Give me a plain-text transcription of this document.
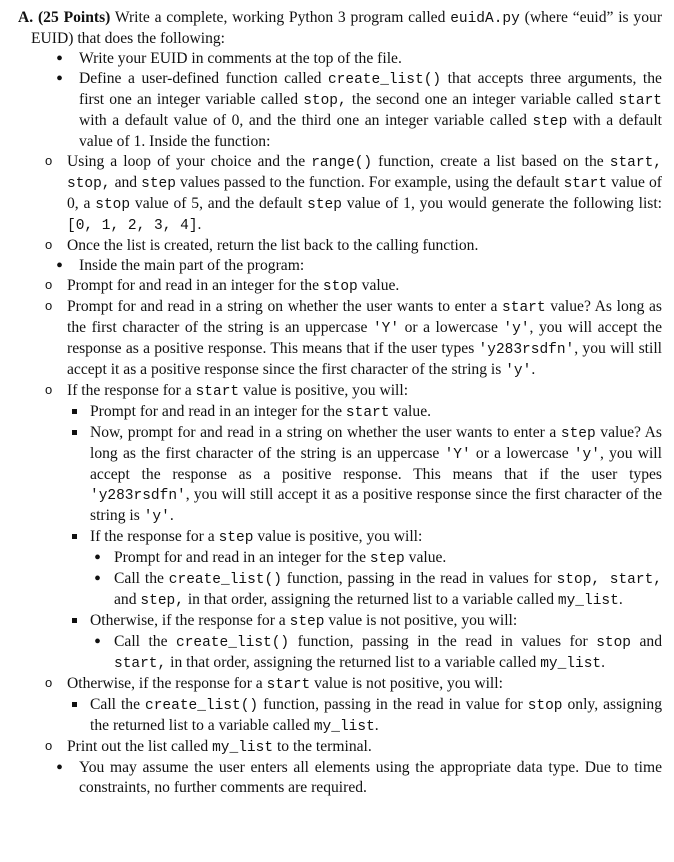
A. (25 Points) Write a complete, working Python 3 program called euidA.py (where “euid” is your EUID) that does the following:

• Write your EUID in comments at the top of the file.
• Define a user-defined function called create_list() that accepts three arguments, the first one an integer variable called stop, the second one an integer variable called start with a default value of 0, and the third one an integer variable called step with a default value of 1. Inside the function:
o Using a loop of your choice and the range() function, create a list based on the start, stop, and step values passed to the function. For example, using the default start value of 0, a stop value of 5, and the default step value of 1, you would generate the following list: [0, 1, 2, 3, 4].
o Once the list is created, return the list back to the calling function.
• Inside the main part of the program:
o Prompt for and read in an integer for the stop value.
o Prompt for and read in a string on whether the user wants to enter a start value? As long as the first character of the string is an uppercase 'Y' or a lowercase 'y', you will accept the response as a positive response. This means that if the user types 'y283rsdfn', you will still accept it as a positive response since the first character of the string is 'y'.
o If the response for a start value is positive, you will:
Prompt for and read in an integer for the start value.
Now, prompt for and read in a string on whether the user wants to enter a step value? As long as the first character of the string is an uppercase 'Y' or a lowercase 'y', you will accept the response as a positive response. This means that if the user types 'y283rsdfn', you will still accept it as a positive response since the first character of the string is 'y'.
If the response for a step value is positive, you will:
• Prompt for and read in an integer for the step value.
• Call the create_list() function, passing in the read in values for stop, start, and step, in that order, assigning the returned list to a variable called my_list.
Otherwise, if the response for a step value is not positive, you will:
• Call the create_list() function, passing in the read in values for stop and start, in that order, assigning the returned list to a variable called my_list.
o Otherwise, if the response for a start value is not positive, you will:
Call the create_list() function, passing in the read in value for stop only, assigning the returned list to a variable called my_list.
o Print out the list called my_list to the terminal.
• You may assume the user enters all elements using the appropriate data type. Due to time constraints, no further comments are required.
